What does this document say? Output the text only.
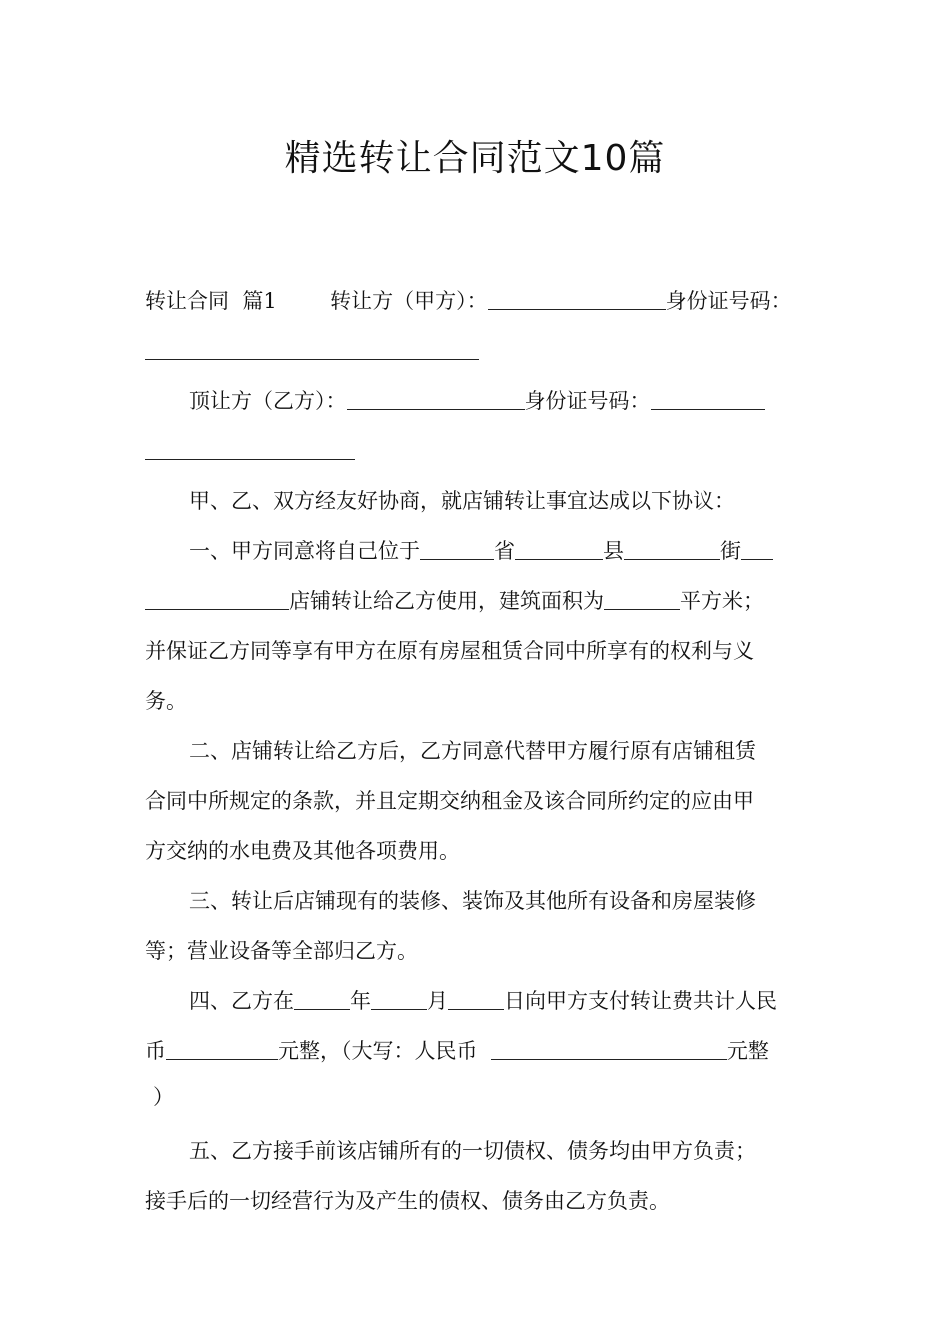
精选转让合同范文10篇
转让合同  篇1        转让方（甲方）：	身份证号码：
顶让方（乙方）：	身份证号码：
甲、乙、双方经友好协商，就店铺转让事宜达成以下协议：
一、甲方同意将自己位于	省	县	街
店铺转让给乙方使用，建筑面积为	平方米；
并保证乙方同等享有甲方在原有房屋租赁合同中所享有的权利与义
务。
二、店铺转让给乙方后，乙方同意代替甲方履行原有店铺租赁
合同中所规定的条款，并且定期交纳租金及该合同所约定的应由甲
方交纳的水电费及其他各项费用。
三、转让后店铺现有的装修、装饰及其他所有设备和房屋装修
等；营业设备等全部归乙方。
四、乙方在	年	月	日向甲方支付转让费共计人民
币	元整，（大写：人民币	元整
）
五、乙方接手前该店铺所有的一切债权、债务均由甲方负责；
接手后的一切经营行为及产生的债权、债务由乙方负责。
